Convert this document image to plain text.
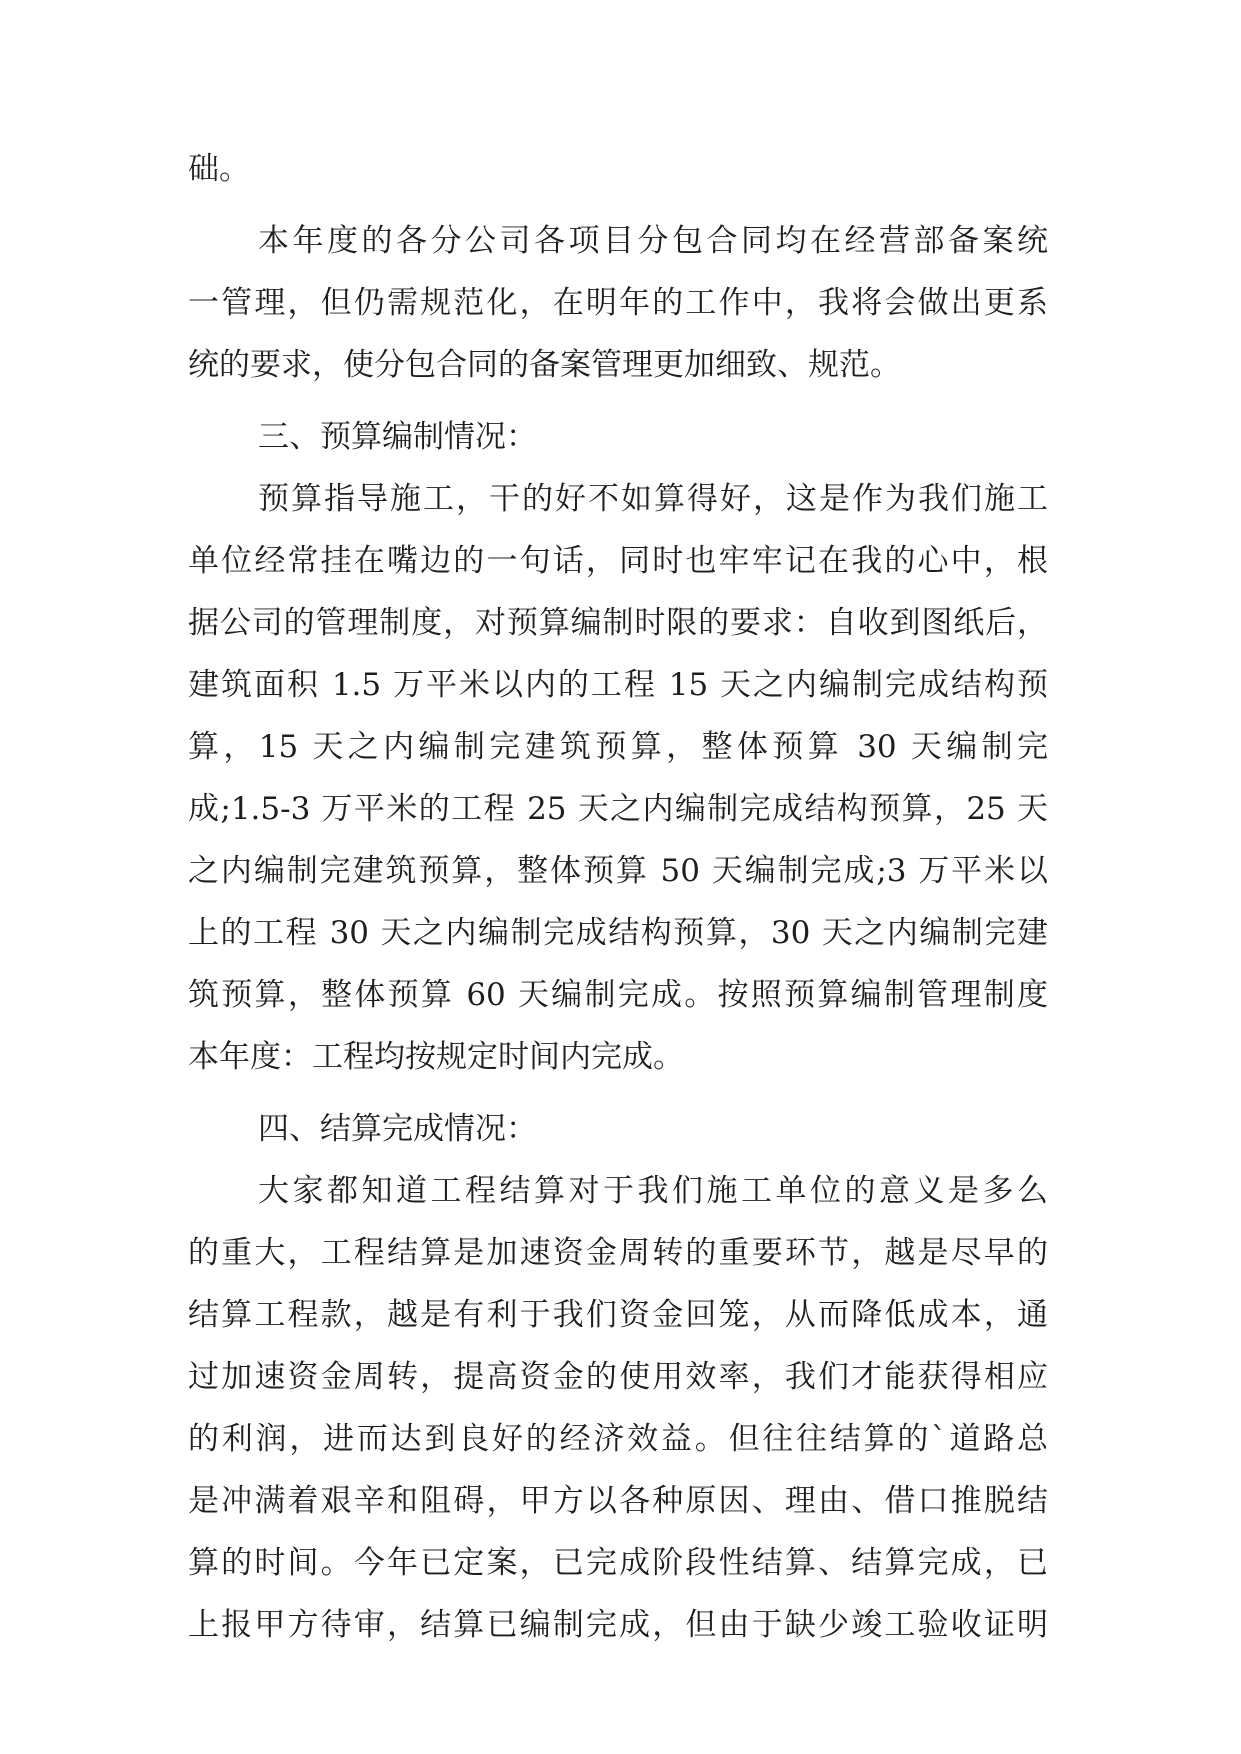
础。
本年度的各分公司各项目分包合同均在经营部备案统
一管理，但仍需规范化，在明年的工作中，我将会做出更系
统的要求，使分包合同的备案管理更加细致、规范。
三、预算编制情况：
预算指导施工，干的好不如算得好，这是作为我们施工
单位经常挂在嘴边的一句话，同时也牢牢记在我的心中，根
据公司的管理制度，对预算编制时限的要求：自收到图纸后，
建筑面积 1.5 万平米以内的工程 15 天之内编制完成结构预
算，15 天之内编制完建筑预算，整体预算 30 天编制完
成;1.5-3 万平米的工程 25 天之内编制完成结构预算，25 天
之内编制完建筑预算，整体预算 50 天编制完成;3 万平米以
上的工程 30 天之内编制完成结构预算，30 天之内编制完建
筑预算，整体预算 60 天编制完成。按照预算编制管理制度
本年度：工程均按规定时间内完成。
四、结算完成情况：
大家都知道工程结算对于我们施工单位的意义是多么
的重大，工程结算是加速资金周转的重要环节，越是尽早的
结算工程款，越是有利于我们资金回笼，从而降低成本，通
过加速资金周转，提高资金的使用效率，我们才能获得相应
的利润，进而达到良好的经济效益。但往往结算的`道路总
是冲满着艰辛和阻碍，甲方以各种原因、理由、借口推脱结
算的时间。今年已定案，已完成阶段性结算、结算完成，已
上报甲方待审，结算已编制完成，但由于缺少竣工验收证明
